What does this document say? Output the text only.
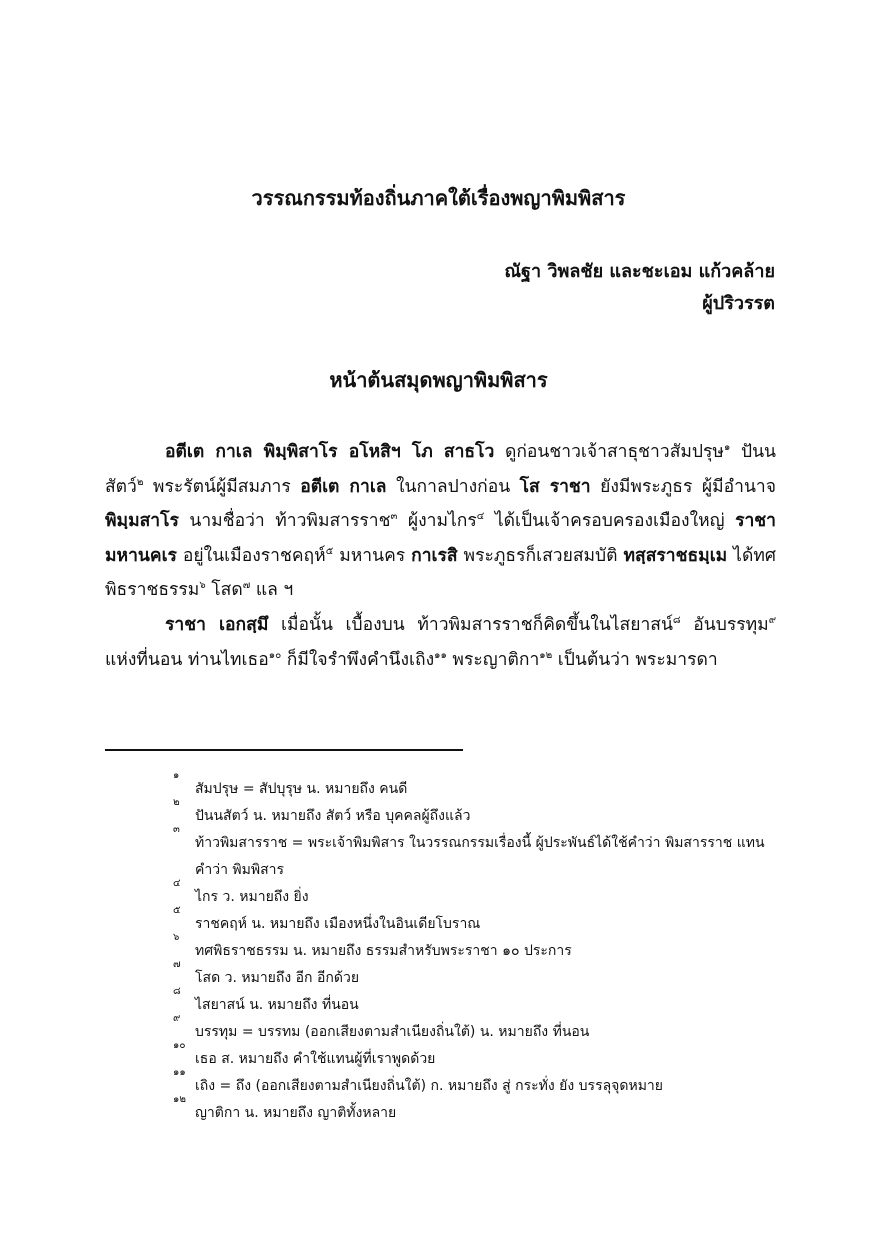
วรรณกรรมท้องถิ่นภาคใต้เรื่องพญาพิมพิสาร
ณัฐา วิพลชัย และชะเอม แก้วคล้าย
ผู้ปริวรรต
หน้าต้นสมุดพญาพิมพิสาร

อตีเต กาเล พิมฺพิสาโร อโหสิฯ โภ สาธโว ดูก่อนชาวเจ้าสาธุชาวสัมปรุษ$^๑$ ปันนสัตว์$^๒$ พระรัตน์ผู้มีสมภาร อตีเต กาเล ในกาลปางก่อน โส ราชา ยังมีพระภูธร ผู้มีอำนาจ พิมฺมสาโร นามชื่อว่า ท้าวพิมสารราช$^๓$ ผู้งามไกร$^๔$ ได้เป็นเจ้าครอบครองเมืองใหญ่ ราชามหานคเร อยู่ในเมืองราชคฤห์$^๕$ มหานคร กาเรสิ พระภูธรก็เสวยสมบัติ ทสฺสราชธมฺเม ได้ทศพิธราชธรรม$^๖$ โสด$^๗$ แล ฯ

ราชา เอกสฺมึ เมื่อนั้น เบื้องบน ท้าวพิมสารราชก็คิดขึ้นในไสยาสน์$^๘$ อันบรรทุม$^๙$ แห่งที่นอน ท่านไทเธอ$^{๑๐}$ ก็มีใจรำพึงคำนึงเถิง$^{๑๑}$ พระญาติกา$^{๑๒}$ เป็นต้นว่า พระมารดา

๑
สัมปรุษ = สัปบุรุษ น. หมายถึง คนดี
๒
ปันนสัตว์ น. หมายถึง สัตว์ หรือ บุคคลผู้ถึงแล้ว
๓
ท้าวพิมสารราช = พระเจ้าพิมพิสาร ในวรรณกรรมเรื่องนี้ ผู้ประพันธ์ได้ใช้คำว่า พิมสารราช แทน คำว่า พิมพิสาร
๔
ไกร ว. หมายถึง ยิ่ง
๕
ราชคฤห์ น. หมายถึง เมืองหนึ่งในอินเดียโบราณ
๖
ทศพิธราชธรรม น. หมายถึง ธรรมสำหรับพระราชา ๑๐ ประการ
๗
โสด ว. หมายถึง อีก อีกด้วย
๘
ไสยาสน์ น. หมายถึง ที่นอน
๙
บรรทุม = บรรทม (ออกเสียงตามสำเนียงถิ่นใต้) น. หมายถึง ที่นอน
๑๐
เธอ ส. หมายถึง คำใช้แทนผู้ที่เราพูดด้วย
๑๑
เถิง = ถึง (ออกเสียงตามสำเนียงถิ่นใต้) ก. หมายถึง สู่ กระทั่ง ยัง บรรลุจุดหมาย
๑๒
ญาติกา น. หมายถึง ญาติทั้งหลาย
